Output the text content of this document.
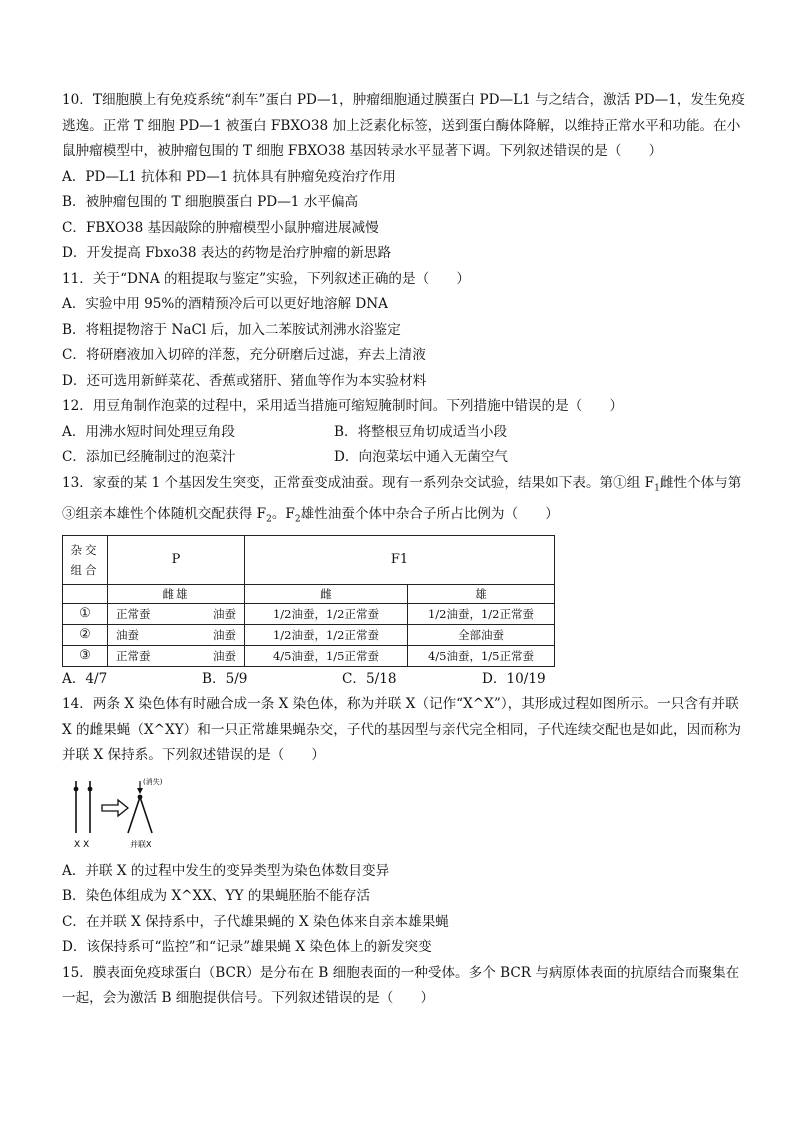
10．T细胞膜上有免疫系统“刹车”蛋白 PD—1，肿瘤细胞通过膜蛋白 PD—L1 与之结合，激活 PD—1，发生免疫逃逸。正常 T 细胞 PD—1 被蛋白 FBXO38 加上泛素化标签，送到蛋白酶体降解，以维持正常水平和功能。在小鼠肿瘤模型中，被肿瘤包围的 T 细胞 FBXO38 基因转录水平显著下调。下列叙述错误的是（　　）

A．PD—L1 抗体和 PD—1 抗体具有肿瘤免疫治疗作用

B．被肿瘤包围的 T 细胞膜蛋白 PD—1 水平偏高

C．FBXO38 基因敲除的肿瘤模型小鼠肿瘤进展减慢

D．开发提高 Fbxo38 表达的药物是治疗肿瘤的新思路

11．关于“DNA 的粗提取与鉴定”实验，下列叙述正确的是（　　）

A．实验中用 95%的酒精预冷后可以更好地溶解 DNA

B．将粗提物溶于 NaCl 后，加入二苯胺试剂沸水浴鉴定

C．将研磨液加入切碎的洋葱，充分研磨后过滤，弃去上清液

D．还可选用新鲜菜花、香蕉或猪肝、猪血等作为本实验材料

12．用豆角制作泡菜的过程中，采用适当措施可缩短腌制时间。下列措施中错误的是（　　）

A．用沸水短时间处理豆角段	B．将整根豆角切成适当小段
C．添加已经腌制过的泡菜汁	D．向泡菜坛中通入无菌空气

13．家蚕的某 1 个基因发生突变，正常蚕变成油蚕。现有一系列杂交试验，结果如下表。第①组 $F_1$雌性个体与第③组亲本雄性个体随机交配获得 $F_2$。$F_2$雄性油蚕个体中杂合子所占比例为（　　）

杂交组合	P	F1	
	雌雄	雌	雄
①	正常蚕 油蚕	1/2油蚕，1/2正常蚕	1/2油蚕，1/2正常蚕
②	油蚕 油蚕	1/2油蚕，1/2正常蚕	全部油蚕
③	正常蚕 油蚕	4/5油蚕，1/5正常蚕	4/5油蚕，1/5正常蚕
A．4/7	B．5/9	C．5/18	D．10/19

14．两条 X 染色体有时融合成一条 X 染色体，称为并联 X（记作“X^X”），其形成过程如图所示。一只含有并联 X 的雌果蝇（X^XY）和一只正常雄果蝇杂交，子代的基因型与亲代完全相同，子代连续交配也是如此，因而称为并联 X 保持系。下列叙述错误的是（　　）

X X
(消失)
并联X

A．并联 X 的过程中发生的变异类型为染色体数目变异

B．染色体组成为 X^XX、YY 的果蝇胚胎不能存活

C．在并联 X 保持系中，子代雄果蝇的 X 染色体来自亲本雄果蝇

D．该保持系可“监控”和“记录”雄果蝇 X 染色体上的新发突变

15．膜表面免疫球蛋白（BCR）是分布在 B 细胞表面的一种受体。多个 BCR 与病原体表面的抗原结合而聚集在一起，会为激活 B 细胞提供信号。下列叙述错误的是（　　）
